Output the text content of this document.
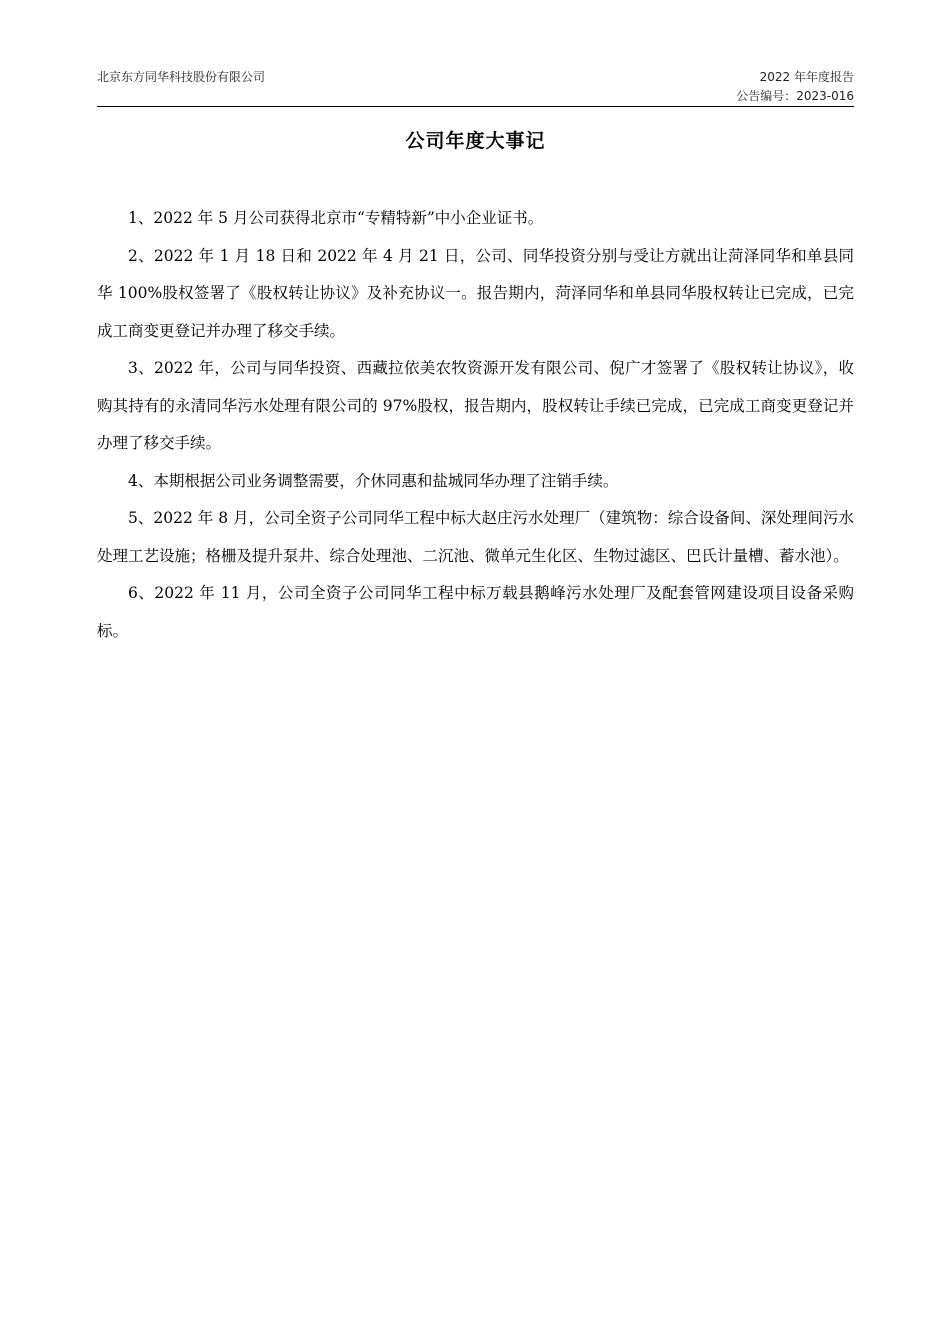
北京东方同华科技股份有限公司	2022 年年度报告
公告编号：2023-016
公司年度大事记

1、2022 年 5 月公司获得北京市“专精特新”中小企业证书。

2、2022 年 1 月 18 日和 2022 年 4 月 21 日，公司、同华投资分别与受让方就出让菏泽同华和单县同华 100%股权签署了《股权转让协议》及补充协议一。报告期内，菏泽同华和单县同华股权转让已完成，已完成工商变更登记并办理了移交手续。

3、2022 年，公司与同华投资、西藏拉依美农牧资源开发有限公司、倪广才签署了《股权转让协议》，收购其持有的永清同华污水处理有限公司的 97%股权，报告期内，股权转让手续已完成，已完成工商变更登记并办理了移交手续。

4、本期根据公司业务调整需要，介休同惠和盐城同华办理了注销手续。

5、2022 年 8 月，公司全资子公司同华工程中标大赵庄污水处理厂（建筑物：综合设备间、深处理间污水处理工艺设施；格栅及提升泵井、综合处理池、二沉池、微单元生化区、生物过滤区、巴氏计量槽、蓄水池）。

6、2022 年 11 月，公司全资子公司同华工程中标万载县鹅峰污水处理厂及配套管网建设项目设备采购标。
